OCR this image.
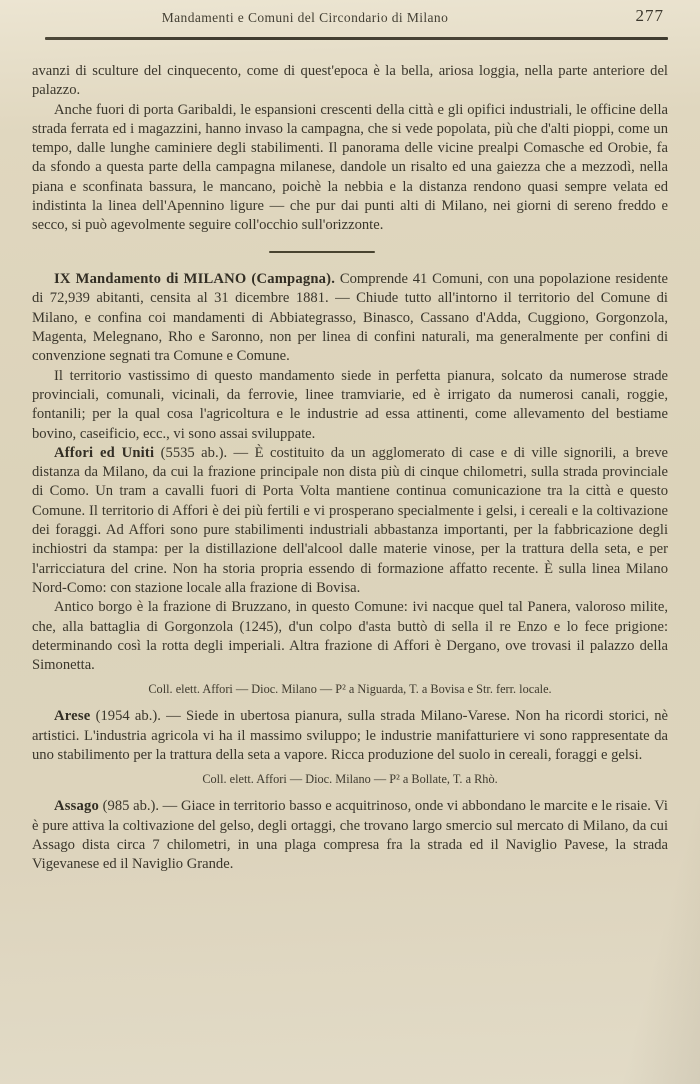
Mandamenti e Comuni del Circondario di Milano	277

avanzi di sculture del cinquecento, come di quest'epoca è la bella, ariosa loggia, nella parte anteriore del palazzo.

Anche fuori di porta Garibaldi, le espansioni crescenti della città e gli opifici industriali, le officine della strada ferrata ed i magazzini, hanno invaso la campagna, che si vede popolata, più che d'alti pioppi, come un tempo, dalle lunghe caminiere degli stabilimenti. Il panorama delle vicine prealpi Comasche ed Orobie, fa da sfondo a questa parte della campagna milanese, dandole un risalto ed una gaiezza che a mezzodì, nella piana e sconfinata bassura, le mancano, poichè la nebbia e la distanza rendono quasi sempre velata ed indistinta la linea dell'Apennino ligure — che pur dai punti alti di Milano, nei giorni di sereno freddo e secco, si può agevolmente seguire coll'occhio sull'orizzonte.

IX Mandamento di MILANO (Campagna). Comprende 41 Comuni, con una popolazione residente di 72,939 abitanti, censita al 31 dicembre 1881. — Chiude tutto all'intorno il territorio del Comune di Milano, e confina coi mandamenti di Abbiategrasso, Binasco, Cassano d'Adda, Cuggiono, Gorgonzola, Magenta, Melegnano, Rho e Saronno, non per linea di confini naturali, ma generalmente per confini di convenzione segnati tra Comune e Comune.

Il territorio vastissimo di questo mandamento siede in perfetta pianura, solcato da numerose strade provinciali, comunali, vicinali, da ferrovie, linee tramviarie, ed è irrigato da numerosi canali, roggie, fontanili; per la qual cosa l'agricoltura e le industrie ad essa attinenti, come allevamento del bestiame bovino, caseificio, ecc., vi sono assai sviluppate.

Affori ed Uniti (5535 ab.). — È costituito da un agglomerato di case e di ville signorili, a breve distanza da Milano, da cui la frazione principale non dista più di cinque chilometri, sulla strada provinciale di Como. Un tram a cavalli fuori di Porta Volta mantiene continua comunicazione tra la città e questo Comune. Il territorio di Affori è dei più fertili e vi prosperano specialmente i gelsi, i cereali e la coltivazione dei foraggi. Ad Affori sono pure stabilimenti industriali abbastanza importanti, per la fabbricazione degli inchiostri da stampa: per la distillazione dell'alcool dalle materie vinose, per la trattura della seta, e per l'arricciatura del crine. Non ha storia propria essendo di formazione affatto recente. È sulla linea Milano Nord-Como: con stazione locale alla frazione di Bovisa.

Antico borgo è la frazione di Bruzzano, in questo Comune: ivi nacque quel tal Panera, valoroso milite, che, alla battaglia di Gorgonzola (1245), d'un colpo d'asta buttò di sella il re Enzo e lo fece prigione: determinando così la rotta degli imperiali. Altra frazione di Affori è Dergano, ove trovasi il palazzo della Simonetta.

Coll. elett. Affori — Dioc. Milano — P² a Niguarda, T. a Bovisa e Str. ferr. locale.

Arese (1954 ab.). — Siede in ubertosa pianura, sulla strada Milano-Varese. Non ha ricordi storici, nè artistici. L'industria agricola vi ha il massimo sviluppo; le industrie manifatturiere vi sono rappresentate da uno stabilimento per la trattura della seta a vapore. Ricca produzione del suolo in cereali, foraggi e gelsi.

Coll. elett. Affori — Dioc. Milano — P² a Bollate, T. a Rhò.

Assago (985 ab.). — Giace in territorio basso e acquitrinoso, onde vi abbondano le marcite e le risaie. Vi è pure attiva la coltivazione del gelso, degli ortaggi, che trovano largo smercio sul mercato di Milano, da cui Assago dista circa 7 chilometri, in una plaga compresa fra la strada ed il Naviglio Pavese, la strada Vigevanese ed il Naviglio Grande.
